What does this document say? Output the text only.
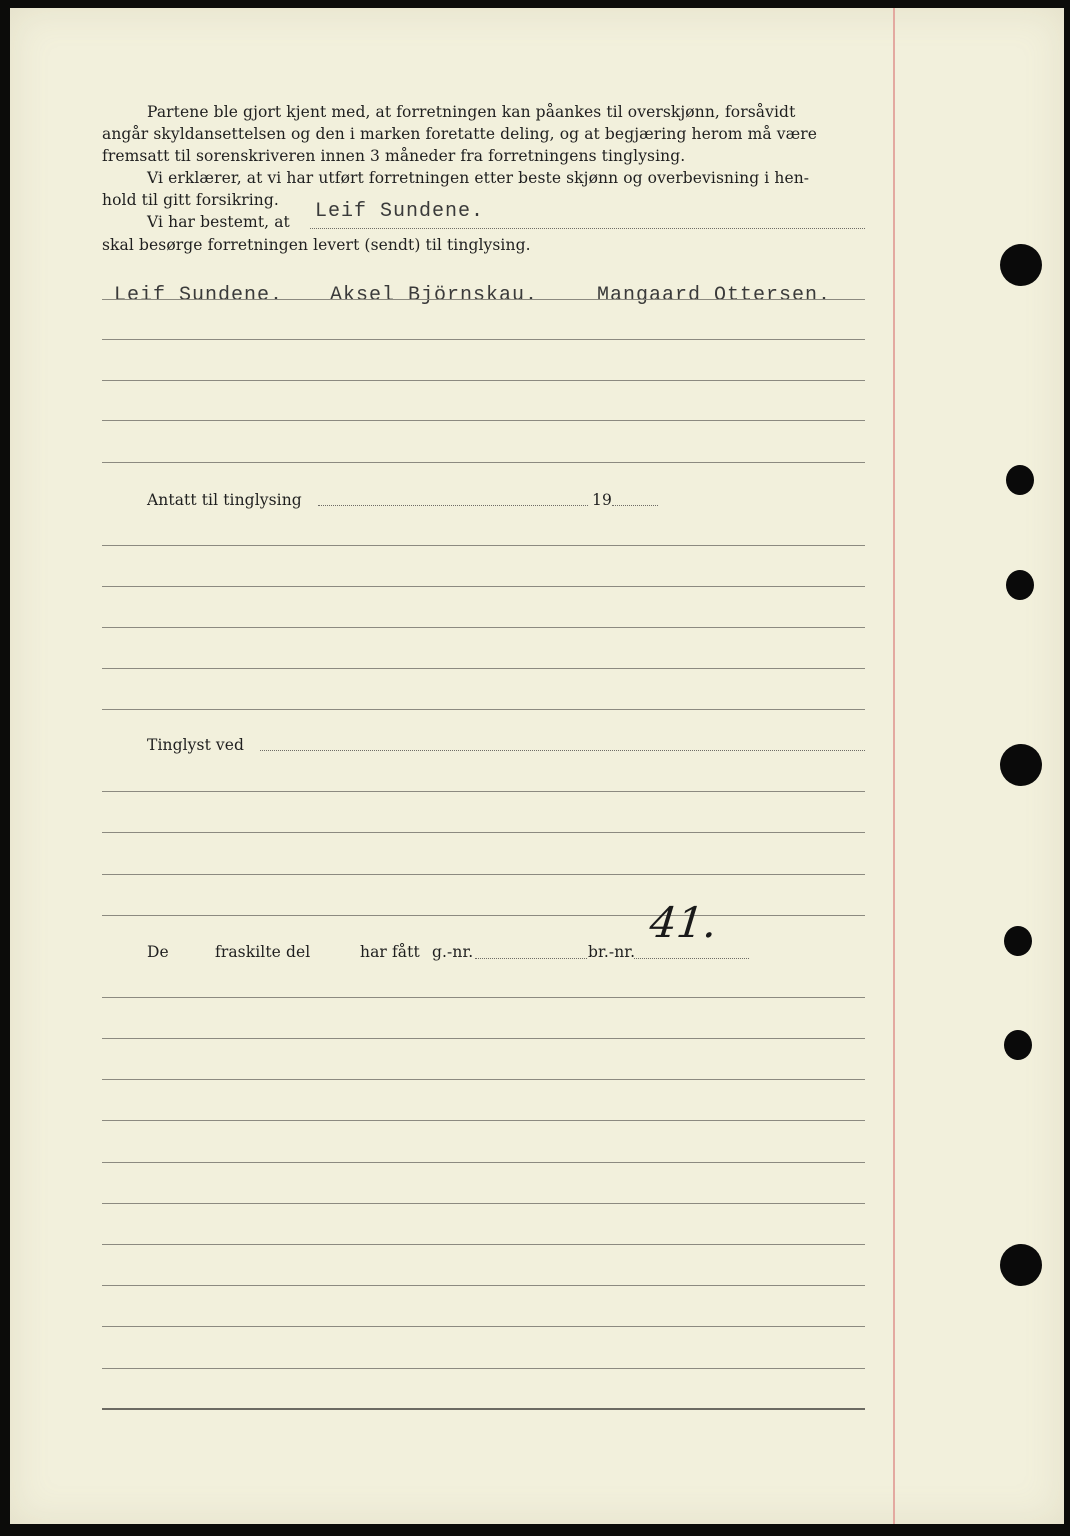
Partene ble gjort kjent med, at forretningen kan påankes til overskjønn, forsåvidt

angår skyldansettelsen og den i marken foretatte deling, og at begjæring herom må være

fremsatt til sorenskriveren innen 3 måneder fra forretningens tinglysing.

Vi erklærer, at vi har utført forretningen etter beste skjønn og overbevisning i hen-

hold til gitt forsikring.

Vi har bestemt, at Leif Sundene.

skal besørge forretningen levert (sendt) til tinglysing.

Leif Sundene. Aksel Björnskau.	Mangaard Ottersen.

Antatt til tinglysing	19

Tinglyst ved

De	fraskilte del	har fått g.-nr.	br.-nr.

41.
